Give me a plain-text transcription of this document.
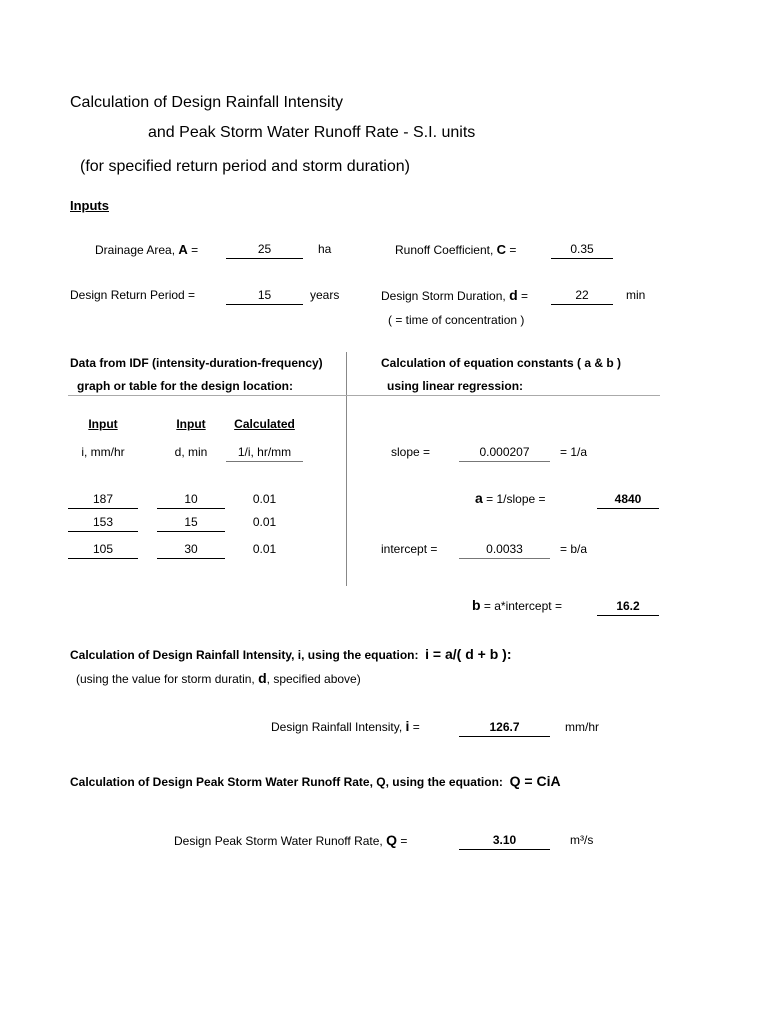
Calculation of Design Rainfall Intensity
and Peak Storm Water Runoff Rate - S.I. units
(for specified return period and storm duration)
Inputs
Drainage Area, A =	25	ha	Runoff Coefficient, C =	0.35
Design Return Period =	15	years	Design Storm Duration, d =	22	min
( = time of concentration )
Data from IDF (intensity-duration-frequency)
graph or table for the design location:
Calculation of equation constants ( a & b )
using linear regression:
Input	Input	Calculated
i, mm/hr	d, min	1/i, hr/mm
187	10	0.01
153	15	0.01
105	30	0.01
slope =	0.000207	= 1/a
a = 1/slope =	4840
intercept =	0.0033	= b/a
b = a*intercept =	16.2
Calculation of Design Rainfall Intensity, i, using the equation: i = a/( d + b ):
(using the value for storm duratin, d, specified above)
Design Rainfall Intensity, i =	126.7	mm/hr
Calculation of Design Peak Storm Water Runoff Rate, Q, using the equation: Q = CiA
Design Peak Storm Water Runoff Rate, Q =	3.10	m³/s
